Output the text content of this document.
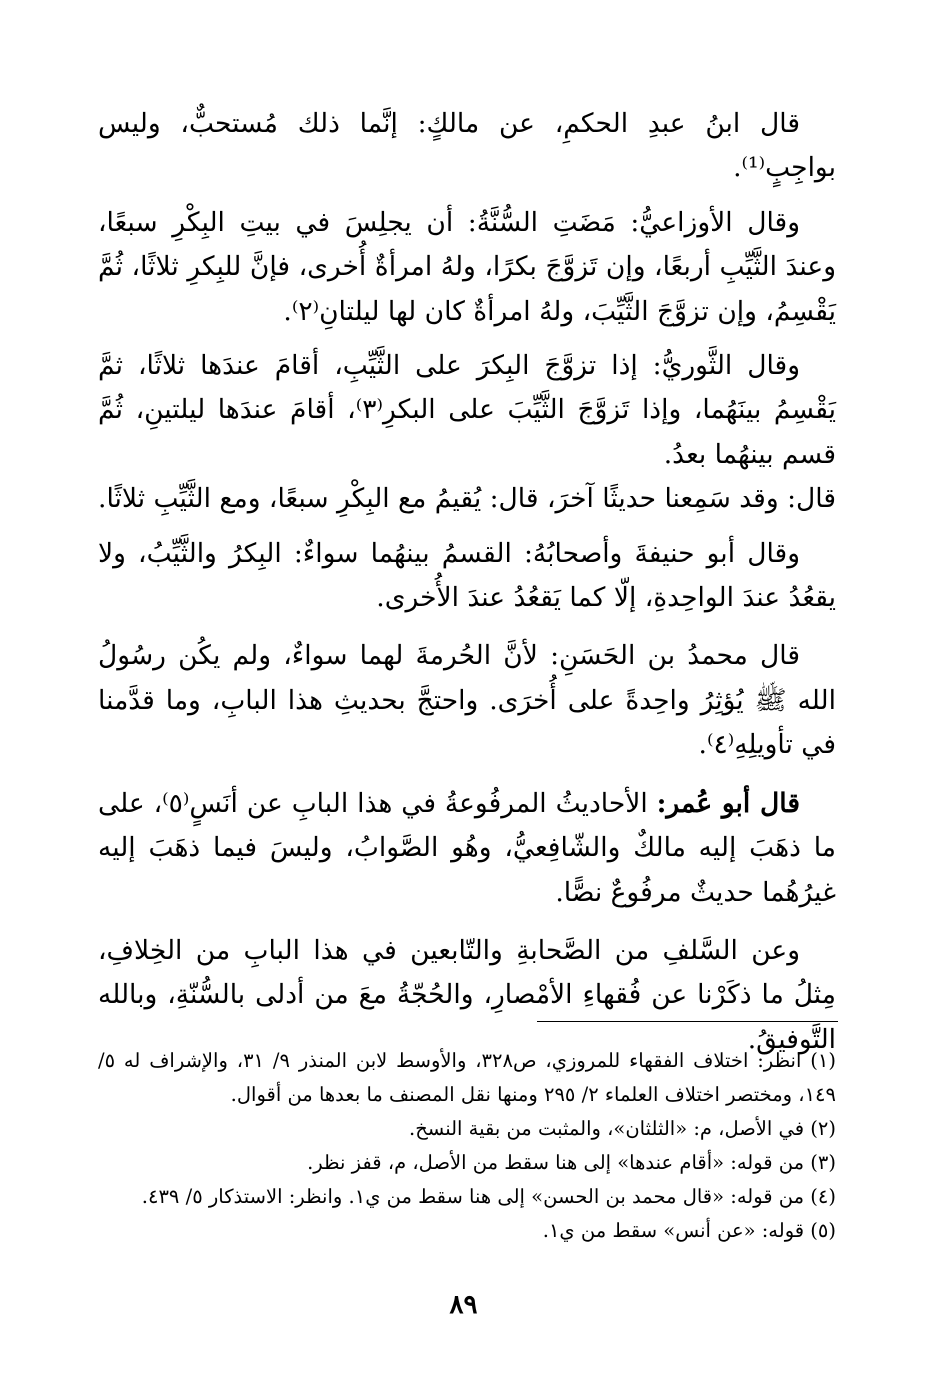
قال ابنُ عبدِ الحكمِ، عن مالكٍ: إنَّما ذلك مُستحبٌّ، وليس بواجِبٍ⁽¹⁾.

وقال الأوزاعيُّ: مَضَتِ السُّنَّةُ: أن يجلِسَ في بيتِ البِكْرِ سبعًا، وعندَ الثَّيِّبِ أربعًا، وإن تَزوَّجَ بكرًا، ولهُ امرأةٌ أُخرى، فإنَّ للبِكرِ ثلاثًا، ثُمَّ يَقْسِمُ، وإن تزوَّجَ الثَّيِّبَ، ولهُ امرأةٌ كان لها ليلتانِ⁽٢⁾.

وقال الثَّوريُّ: إذا تزوَّجَ البِكرَ على الثَّيِّبِ، أقامَ عندَها ثلاثًا، ثمَّ يَقْسِمُ بينَهُما، وإذا تَزوَّجَ الثَّيِّبَ على البكرِ⁽٣⁾، أقامَ عندَها ليلتينِ، ثُمَّ قسم بينهُما بعدُ.

قال: وقد سَمِعنا حديثًا آخرَ، قال: يُقيمُ مع البِكْرِ سبعًا، ومع الثَّيِّبِ ثلاثًا.

وقال أبو حنيفةَ وأصحابُهُ: القسمُ بينهُما سواءٌ: البِكرُ والثَّيِّبُ، ولا يقعُدُ عندَ الواحِدةِ، إلّا كما يَقعُدُ عندَ الأُخرى.

قال محمدُ بن الحَسَنِ: لأنَّ الحُرمةَ لهما سواءٌ، ولم يكُن رسُولُ الله ﷺ يُؤثِرُ واحِدةً على أُخرَى. واحتجَّ بحديثِ هذا البابِ، وما قدَّمنا في تأويلِهِ⁽٤⁾.

قال أبو عُمر: الأحاديثُ المرفُوعةُ في هذا البابِ عن أنَسٍ⁽٥⁾، على ما ذهَبَ إليه مالكٌ والشّافِعيُّ، وهُو الصَّوابُ، وليسَ فيما ذهَبَ إليه غيرُهُما حديثٌ مرفُوعٌ نصًّا.

وعن السَّلفِ من الصَّحابةِ والتّابعين في هذا البابِ من الخِلافِ، مِثلُ ما ذكَرْنا عن فُقهاءِ الأمْصارِ، والحُجّةُ معَ من أدلى بالسُّنّةِ، وبالله التَّوفيقُ.

(١) انظر: اختلاف الفقهاء للمروزي، ص٣٢٨، والأوسط لابن المنذر ٩/ ٣١، والإشراف له ٥/ ١٤٩، ومختصر اختلاف العلماء ٢/ ٢٩٥ ومنها نقل المصنف ما بعدها من أقوال.

(٢) في الأصل، م: «الثلثان»، والمثبت من بقية النسخ.

(٣) من قوله: «أقام عندها» إلى هنا سقط من الأصل، م، قفز نظر.

(٤) من قوله: «قال محمد بن الحسن» إلى هنا سقط من ي١. وانظر: الاستذكار ٥/ ٤٣٩.

(٥) قوله: «عن أنس» سقط من ي١.

٨٩
